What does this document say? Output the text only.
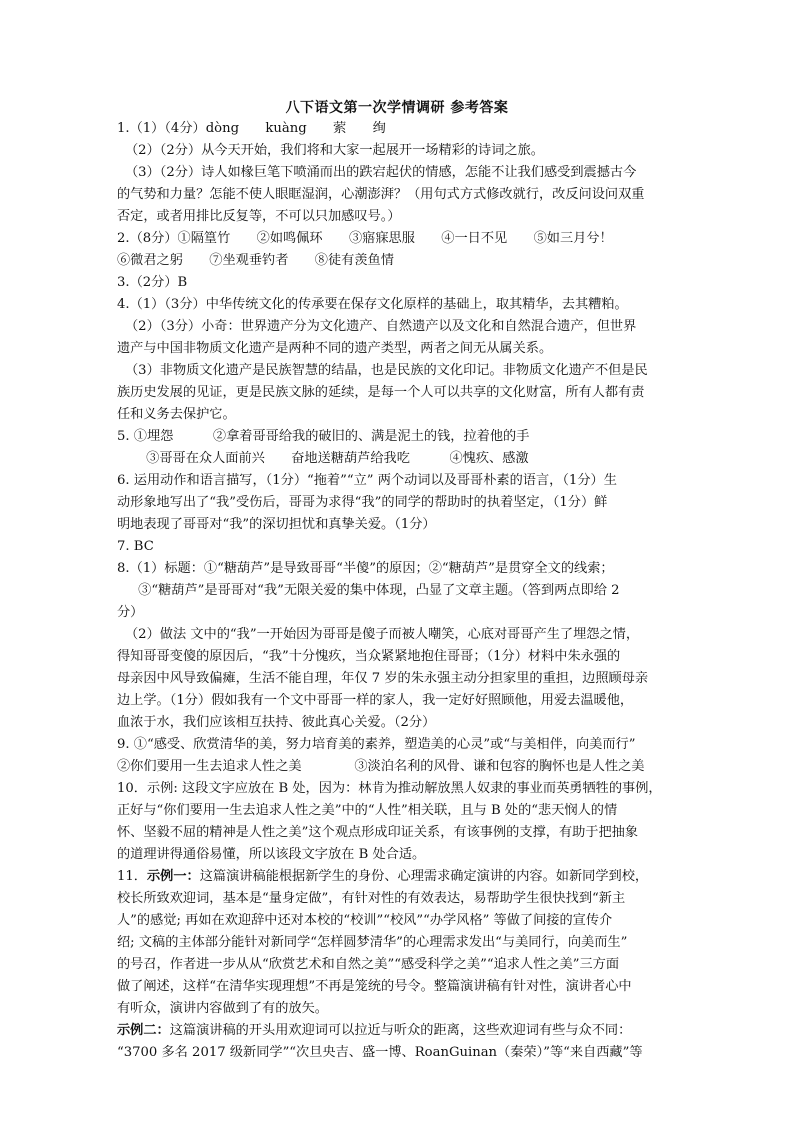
八下语文第一次学情调研 参考答案
1.（1）（4分）dòng　　kuàng　　萦　　绚
（2）（2分）从今天开始，我们将和大家一起展开一场精彩的诗词之旅。
（3）（2分）诗人如椽巨笔下喷涌而出的跌宕起伏的情感，怎能不让我们感受到震撼古今
的气势和力量？怎能不使人眼眶湿润，心潮澎湃？（用句式方式修改就行，改反问设问双重
否定，或者用排比反复等，不可以只加感叹号。）
2.（8分）①隔篁竹　　②如鸣佩环　　③寤寐思服　　④一日不见　　⑤如三月兮！
⑥微君之躬　　⑦坐观垂钓者　　⑧徒有羡鱼情
3.（2分）B
4.（1）（3分）中华传统文化的传承要在保存文化原样的基础上，取其精华，去其糟粕。
（2）（3分）小奇：世界遗产分为文化遗产、自然遗产以及文化和自然混合遗产，但世界
遗产与中国非物质文化遗产是两种不同的遗产类型，两者之间无从属关系。
（3）非物质文化遗产是民族智慧的结晶，也是民族的文化印记。非物质文化遗产不但是民
族历史发展的见证，更是民族文脉的延续，是每一个人可以共享的文化财富，所有人都有责
任和义务去保护它。
5. ①埋怨　　　②拿着哥哥给我的破旧的、满是泥土的钱，拉着他的手
　③哥哥在众人面前兴　　奋地送糖葫芦给我吃　　　④愧疚、感激
6. 运用动作和语言描写，（1分）“拖着”“立” 两个动词以及哥哥朴素的语言，（1分）生
动形象地写出了“我”受伤后，哥哥为求得“我”的同学的帮助时的执着坚定，（1分）鲜
明地表现了哥哥对“我”的深切担忧和真挚关爱。（1分）
7. BC
8.（1）标题：①“糖葫芦”是导致哥哥“半傻”的原因；②“糖葫芦”是贯穿全文的线索；
　③“糖葫芦”是哥哥对“我”无限关爱的集中体现，凸显了文章主题。（答到两点即给 2
分）
（2）做法 文中的“我”一开始因为哥哥是傻子而被人嘲笑，心底对哥哥产生了埋怨之情，
得知哥哥变傻的原因后，“我”十分愧疚，当众紧紧地抱住哥哥；（1分）材料中朱永强的
母亲因中风导致偏瘫，生活不能自理，年仅 7 岁的朱永强主动分担家里的重担，边照顾母亲
边上学。（1分）假如我有一个文中哥哥一样的家人，我一定好好照顾他，用爱去温暖他，
血浓于水，我们应该相互扶持、彼此真心关爱。（2分）
9. ①“感受、欣赏清华的美，努力培育美的素养，塑造美的心灵”或“与美相伴，向美而行”
②你们要用一生去追求人性之美　　　　③淡泊名利的风骨、谦和包容的胸怀也是人性之美
10．示例: 这段文字应放在 B 处，因为：林肯为推动解放黑人奴隶的事业而英勇牺牲的事例，
正好与“你们要用一生去追求人性之美”中的“人性”相关联，且与 B 处的“悲天悯人的情
怀、坚毅不屈的精神是人性之美”这个观点形成印证关系，有该事例的支撑，有助于把抽象
的道理讲得通俗易懂，所以该段文字放在 B 处合适。
11．示例一：这篇演讲稿能根据新学生的身份、心理需求确定演讲的内容。如新同学到校，
校长所致欢迎词，基本是“量身定做”，有针对性的有效表达，易帮助学生很快找到“新主
人”的感觉; 再如在欢迎辞中还对本校的“校训”“校风”“办学风格” 等做了间接的宣传介
绍; 文稿的主体部分能针对新同学“怎样圆梦清华”的心理需求发出“与美同行，向美而生”
的号召，作者进一步从从“欣赏艺术和自然之美”“感受科学之美”“追求人性之美”三方面
做了阐述，这样“在清华实现理想”不再是笼统的号令。整篇演讲稿有针对性，演讲者心中
有听众，演讲内容做到了有的放矢。
示例二：这篇演讲稿的开头用欢迎词可以拉近与听众的距离，这些欢迎词有些与众不同：
“3700 多名 2017 级新同学”“次旦央吉、盛一博、RoanGuinan（秦荣）”等“来自西藏”等
